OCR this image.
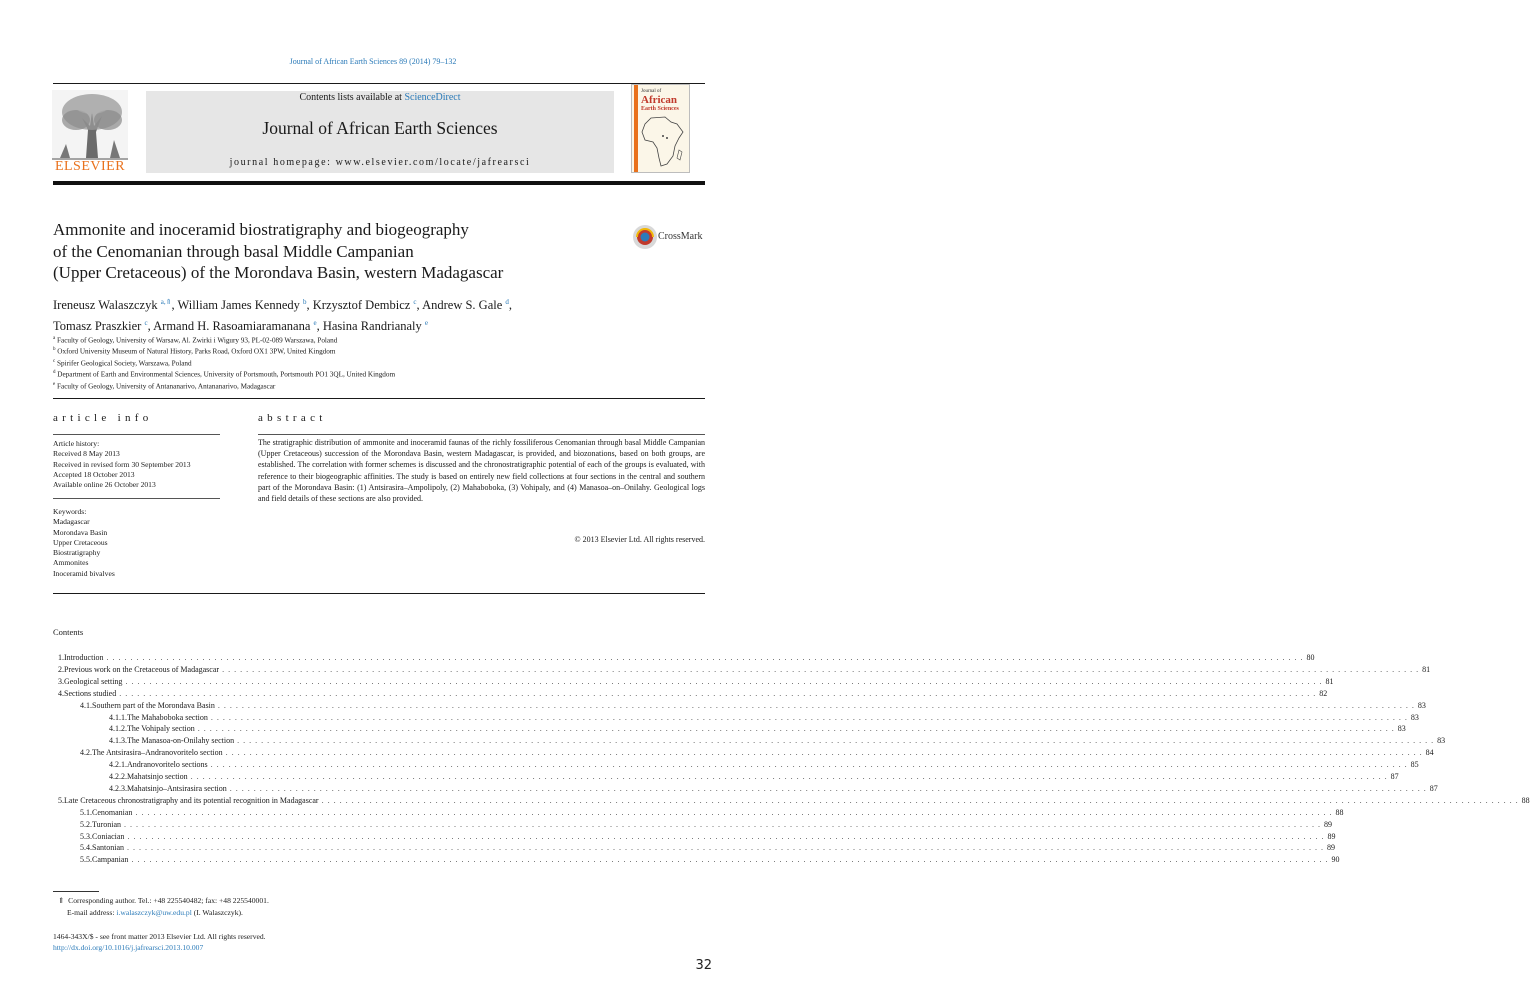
Journal of African Earth Sciences 89 (2014) 79–132
ELSEVIER
Contents lists available at ScienceDirect
Journal of African Earth Sciences
journal homepage: www.elsevier.com/locate/jafrearsci
Journal of
African
Earth Sciences
Ammonite and inoceramid biostratigraphy and biogeography
of the Cenomanian through basal Middle Campanian
(Upper Cretaceous) of the Morondava Basin, western Madagascar
CrossMark
Ireneusz Walaszczyk $^{a,⇑}$, William James Kennedy $^b$, Krzysztof Dembicz $^c$, Andrew S. Gale $^d$,
Tomasz Praszkier $^c$, Armand H. Rasoamiaramanana $^e$, Hasina Randrianaly $^e$
$^a$ Faculty of Geology, University of Warsaw, Al. Zwirki i Wigury 93, PL-02-089 Warszawa, Poland
$^b$ Oxford University Museum of Natural History, Parks Road, Oxford OX1 3PW, United Kingdom
$^c$ Spirifer Geological Society, Warszawa, Poland
$^d$ Department of Earth and Environmental Sciences, University of Portsmouth, Portsmouth PO1 3QL, United Kingdom
$^e$ Faculty of Geology, University of Antananarivo, Antananarivo, Madagascar
article info	abstract
Article history:
Received 8 May 2013
Received in revised form 30 September 2013
Accepted 18 October 2013
Available online 26 October 2013
Keywords:
Madagascar
Morondava Basin
Upper Cretaceous
Biostratigraphy
Ammonites
Inoceramid bivalves
The stratigraphic distribution of ammonite and inoceramid faunas of the richly fossiliferous Cenomanian through basal Middle Campanian (Upper Cretaceous) succession of the Morondava Basin, western Madagascar, is provided, and biozonations, based on both groups, are established. The correlation with former schemes is discussed and the chronostratigraphic potential of each of the groups is evaluated, with reference to their biogeographic affinities. The study is based on entirely new field collections at four sections in the central and southern part of the Morondava Basin: (1) Antsirasira–Ampolipoly, (2) Mahaboboka, (3) Vohipaly, and (4) Manasoa–on–Onilahy. Geological logs and field details of these sections are also provided.
© 2013 Elsevier Ltd. All rights reserved.
Contents
1. Introduction . . . . . . . . . . . . . . . . . . . . . . . . . . . . . . . . . . . . . . . . . . . . . . . . . . . . . . . . . . . . . . . . . . . . . . . . . . . . . . . . . . . . . . . . . . . . . . . . . . . . . . . . . . . . . . . . . . . . . . . . . . . . . . . . . . . . . . . . . . . . . . . . . . . . . . . . . . . . . . . . . . . . . . . . . . . . . . . . . . . . . . . . . . . . . . . . . . . . . . . . 80
2. Previous work on the Cretaceous of Madagascar . . . . . . . . . . . . . . . . . . . . . . . . . . . . . . . . . . . . . . . . . . . . . . . . . . . . . . . . . . . . . . . . . . . . . . . . . . . . . . . . . . . . . . . . . . . . . . . . . . . . . . . . . . . . . . . . . . . . . . . . . . . . . . . . . . . . . . . . . . . . . . . . . . . . . . . . . . . . . . . . . . . . . . . . . . . . . . . . . . . . . . . . . . . . . . . . . . . . . . . . 81
3. Geological setting . . . . . . . . . . . . . . . . . . . . . . . . . . . . . . . . . . . . . . . . . . . . . . . . . . . . . . . . . . . . . . . . . . . . . . . . . . . . . . . . . . . . . . . . . . . . . . . . . . . . . . . . . . . . . . . . . . . . . . . . . . . . . . . . . . . . . . . . . . . . . . . . . . . . . . . . . . . . . . . . . . . . . . . . . . . . . . . . . . . . . . . . . . . . . . . . . . . . . . . . 81
4. Sections studied . . . . . . . . . . . . . . . . . . . . . . . . . . . . . . . . . . . . . . . . . . . . . . . . . . . . . . . . . . . . . . . . . . . . . . . . . . . . . . . . . . . . . . . . . . . . . . . . . . . . . . . . . . . . . . . . . . . . . . . . . . . . . . . . . . . . . . . . . . . . . . . . . . . . . . . . . . . . . . . . . . . . . . . . . . . . . . . . . . . . . . . . . . . . . . . . . . . . . . . . 82
4.1. Southern part of the Morondava Basin . . . . . . . . . . . . . . . . . . . . . . . . . . . . . . . . . . . . . . . . . . . . . . . . . . . . . . . . . . . . . . . . . . . . . . . . . . . . . . . . . . . . . . . . . . . . . . . . . . . . . . . . . . . . . . . . . . . . . . . . . . . . . . . . . . . . . . . . . . . . . . . . . . . . . . . . . . . . . . . . . . . . . . . . . . . . . . . . . . . . . . . . . . . . . . . . . . . . . . . . 83
4.1.1. The Mahaboboka section . . . . . . . . . . . . . . . . . . . . . . . . . . . . . . . . . . . . . . . . . . . . . . . . . . . . . . . . . . . . . . . . . . . . . . . . . . . . . . . . . . . . . . . . . . . . . . . . . . . . . . . . . . . . . . . . . . . . . . . . . . . . . . . . . . . . . . . . . . . . . . . . . . . . . . . . . . . . . . . . . . . . . . . . . . . . . . . . . . . . . . . . . . . . . . . . . . . . . . . . 83
4.1.2. The Vohipaly section . . . . . . . . . . . . . . . . . . . . . . . . . . . . . . . . . . . . . . . . . . . . . . . . . . . . . . . . . . . . . . . . . . . . . . . . . . . . . . . . . . . . . . . . . . . . . . . . . . . . . . . . . . . . . . . . . . . . . . . . . . . . . . . . . . . . . . . . . . . . . . . . . . . . . . . . . . . . . . . . . . . . . . . . . . . . . . . . . . . . . . . . . . . . . . . . . . . . . . . . 83
4.1.3. The Manasoa-on-Onilahy section . . . . . . . . . . . . . . . . . . . . . . . . . . . . . . . . . . . . . . . . . . . . . . . . . . . . . . . . . . . . . . . . . . . . . . . . . . . . . . . . . . . . . . . . . . . . . . . . . . . . . . . . . . . . . . . . . . . . . . . . . . . . . . . . . . . . . . . . . . . . . . . . . . . . . . . . . . . . . . . . . . . . . . . . . . . . . . . . . . . . . . . . . . . . . . . . . . . . . . . . 83
4.2. The Antsirasira–Andranovoritelo section . . . . . . . . . . . . . . . . . . . . . . . . . . . . . . . . . . . . . . . . . . . . . . . . . . . . . . . . . . . . . . . . . . . . . . . . . . . . . . . . . . . . . . . . . . . . . . . . . . . . . . . . . . . . . . . . . . . . . . . . . . . . . . . . . . . . . . . . . . . . . . . . . . . . . . . . . . . . . . . . . . . . . . . . . . . . . . . . . . . . . . . . . . . . . . . . . . . . . . . . 84
4.2.1. Andranovoritelo sections . . . . . . . . . . . . . . . . . . . . . . . . . . . . . . . . . . . . . . . . . . . . . . . . . . . . . . . . . . . . . . . . . . . . . . . . . . . . . . . . . . . . . . . . . . . . . . . . . . . . . . . . . . . . . . . . . . . . . . . . . . . . . . . . . . . . . . . . . . . . . . . . . . . . . . . . . . . . . . . . . . . . . . . . . . . . . . . . . . . . . . . . . . . . . . . . . . . . . . . . 85
4.2.2. Mahatsinjo section . . . . . . . . . . . . . . . . . . . . . . . . . . . . . . . . . . . . . . . . . . . . . . . . . . . . . . . . . . . . . . . . . . . . . . . . . . . . . . . . . . . . . . . . . . . . . . . . . . . . . . . . . . . . . . . . . . . . . . . . . . . . . . . . . . . . . . . . . . . . . . . . . . . . . . . . . . . . . . . . . . . . . . . . . . . . . . . . . . . . . . . . . . . . . . . . . . . . . . . . 87
4.2.3. Mahatsinjo–Antsirasira section . . . . . . . . . . . . . . . . . . . . . . . . . . . . . . . . . . . . . . . . . . . . . . . . . . . . . . . . . . . . . . . . . . . . . . . . . . . . . . . . . . . . . . . . . . . . . . . . . . . . . . . . . . . . . . . . . . . . . . . . . . . . . . . . . . . . . . . . . . . . . . . . . . . . . . . . . . . . . . . . . . . . . . . . . . . . . . . . . . . . . . . . . . . . . . . . . . . . . . . . 87
5. Late Cretaceous chronostratigraphy and its potential recognition in Madagascar . . . . . . . . . . . . . . . . . . . . . . . . . . . . . . . . . . . . . . . . . . . . . . . . . . . . . . . . . . . . . . . . . . . . . . . . . . . . . . . . . . . . . . . . . . . . . . . . . . . . . . . . . . . . . . . . . . . . . . . . . . . . . . . . . . . . . . . . . . . . . . . . . . . . . . . . . . . . . . . . . . . . . . . . . . . . . . . . . . . . . . . . . . . . . . . . . . . . . . . . 88
5.1. Cenomanian . . . . . . . . . . . . . . . . . . . . . . . . . . . . . . . . . . . . . . . . . . . . . . . . . . . . . . . . . . . . . . . . . . . . . . . . . . . . . . . . . . . . . . . . . . . . . . . . . . . . . . . . . . . . . . . . . . . . . . . . . . . . . . . . . . . . . . . . . . . . . . . . . . . . . . . . . . . . . . . . . . . . . . . . . . . . . . . . . . . . . . . . . . . . . . . . . . . . . . . . 88
5.2. Turonian . . . . . . . . . . . . . . . . . . . . . . . . . . . . . . . . . . . . . . . . . . . . . . . . . . . . . . . . . . . . . . . . . . . . . . . . . . . . . . . . . . . . . . . . . . . . . . . . . . . . . . . . . . . . . . . . . . . . . . . . . . . . . . . . . . . . . . . . . . . . . . . . . . . . . . . . . . . . . . . . . . . . . . . . . . . . . . . . . . . . . . . . . . . . . . . . . . . . . . . . 89
5.3. Coniacian . . . . . . . . . . . . . . . . . . . . . . . . . . . . . . . . . . . . . . . . . . . . . . . . . . . . . . . . . . . . . . . . . . . . . . . . . . . . . . . . . . . . . . . . . . . . . . . . . . . . . . . . . . . . . . . . . . . . . . . . . . . . . . . . . . . . . . . . . . . . . . . . . . . . . . . . . . . . . . . . . . . . . . . . . . . . . . . . . . . . . . . . . . . . . . . . . . . . . . . . 89
5.4. Santonian . . . . . . . . . . . . . . . . . . . . . . . . . . . . . . . . . . . . . . . . . . . . . . . . . . . . . . . . . . . . . . . . . . . . . . . . . . . . . . . . . . . . . . . . . . . . . . . . . . . . . . . . . . . . . . . . . . . . . . . . . . . . . . . . . . . . . . . . . . . . . . . . . . . . . . . . . . . . . . . . . . . . . . . . . . . . . . . . . . . . . . . . . . . . . . . . . . . . . . . . 89
5.5. Campanian . . . . . . . . . . . . . . . . . . . . . . . . . . . . . . . . . . . . . . . . . . . . . . . . . . . . . . . . . . . . . . . . . . . . . . . . . . . . . . . . . . . . . . . . . . . . . . . . . . . . . . . . . . . . . . . . . . . . . . . . . . . . . . . . . . . . . . . . . . . . . . . . . . . . . . . . . . . . . . . . . . . . . . . . . . . . . . . . . . . . . . . . . . . . . . . . . . . . . . . . 90
⇑ Corresponding author. Tel.: +48 225540482; fax: +48 225540001.
E-mail address: i.walaszczyk@uw.edu.pl (I. Walaszczyk).
1464-343X/$ - see front matter 2013 Elsevier Ltd. All rights reserved.
http://dx.doi.org/10.1016/j.jafrearsci.2013.10.007
32
